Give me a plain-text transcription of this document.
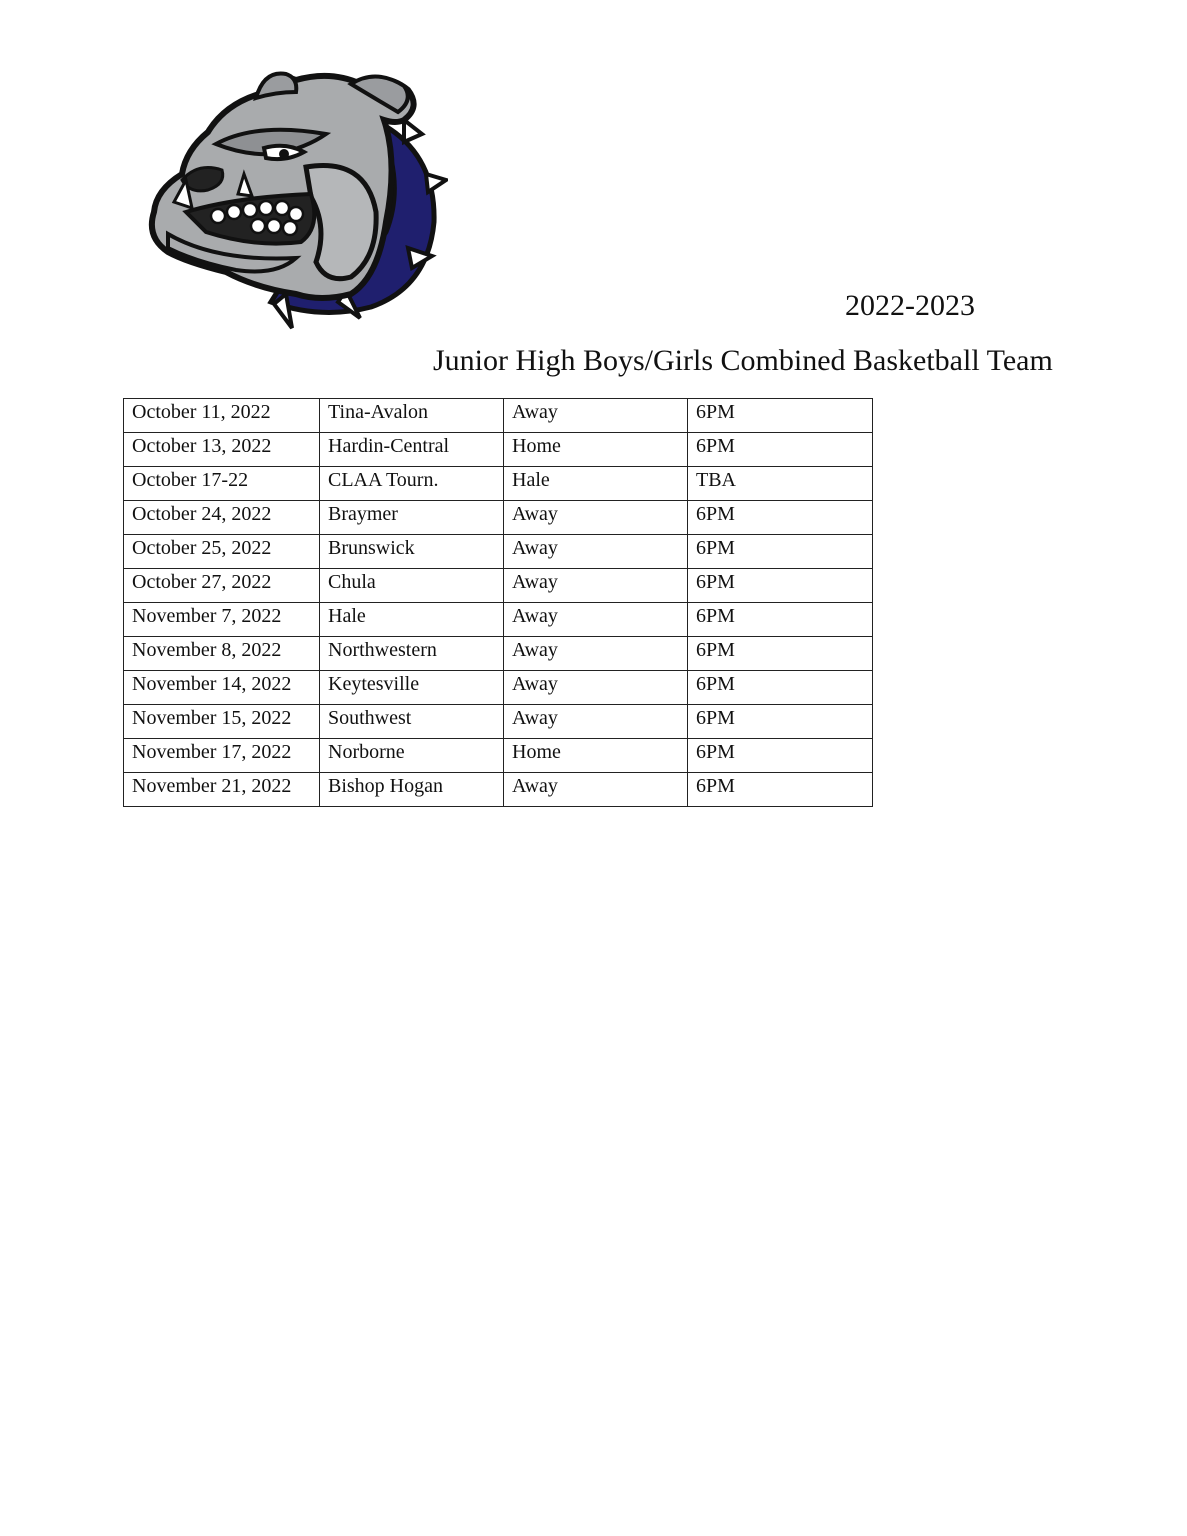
2022-2023
Junior High Boys/Girls Combined Basketball Team
October 11, 2022	Tina-Avalon	Away	6PM
October 13, 2022	Hardin-Central	Home	6PM
October 17-22	CLAA Tourn.	Hale	TBA
October 24, 2022	Braymer	Away	6PM
October 25, 2022	Brunswick	Away	6PM
October 27, 2022	Chula	Away	6PM
November 7, 2022	Hale	Away	6PM
November 8, 2022	Northwestern	Away	6PM
November 14, 2022	Keytesville	Away	6PM
November 15, 2022	Southwest	Away	6PM
November 17, 2022	Norborne	Home	6PM
November 21, 2022	Bishop Hogan	Away	6PM
